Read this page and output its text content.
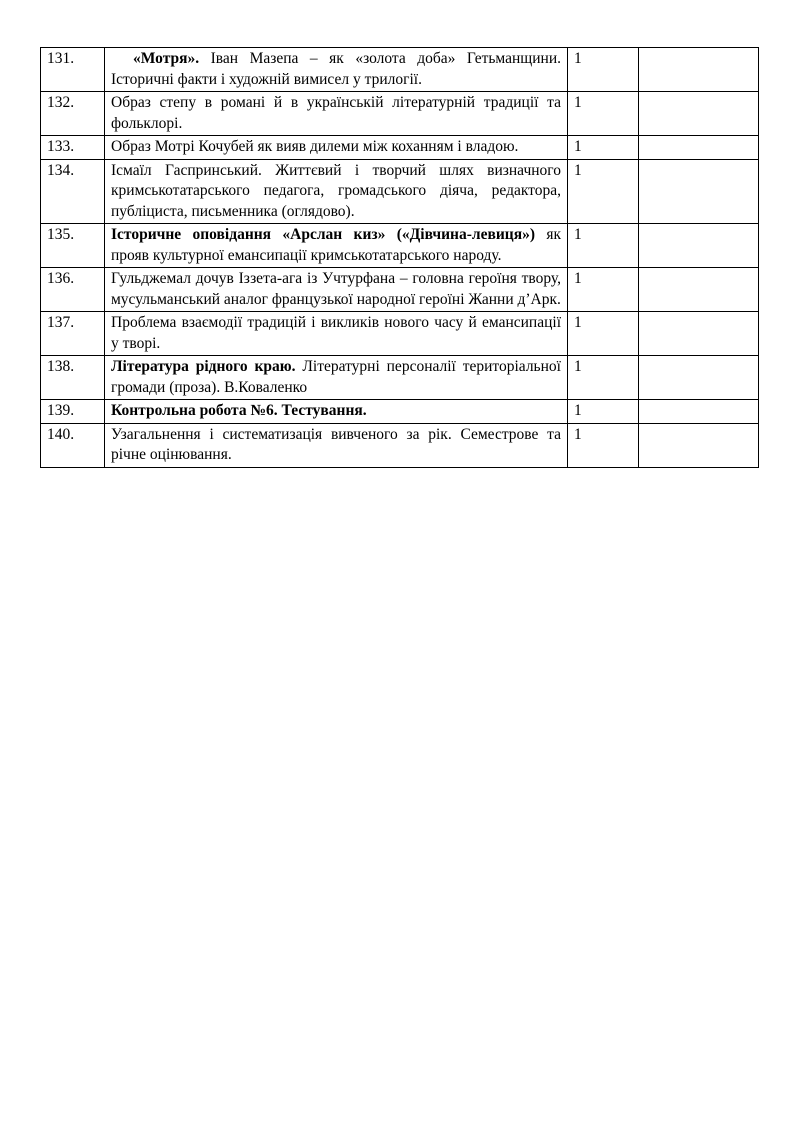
131.	«Мотря». Іван Мазепа – як «золота доба» Гетьманщини. Історичні факти і художній вимисел у трилогії.	1	
132.	Образ степу в романі й в українській літературній традиції та фольклорі.	1	
133.	Образ Мотрі Кочубей як вияв дилеми між коханням і владою.	1	
134.	Ісмаїл Гаспринський. Життєвий і творчий шлях визначного кримськотатарського педагога, громадського діяча, редактора, публіциста, письменника (оглядово).	1	
135.	Історичне оповідання «Арслан киз» («Дівчина-левиця») як прояв культурної емансипації кримськотатарського народу.	1	
136.	Гульджемал дочув Іззета-ага із Учтурфана – головна героїня твору, мусульманський аналог французької народної героїні Жанни д’Арк.	1	
137.	Проблема взаємодії традицій і викликів нового часу й емансипації у творі.	1	
138.	Література рідного краю. Літературні персоналії територіальної громади (проза). В.Коваленко	1	
139.	Контрольна робота №6. Тестування.	1	
140.	Узагальнення і систематизація вивченого за рік. Семестрове та річне оцінювання.	1	
